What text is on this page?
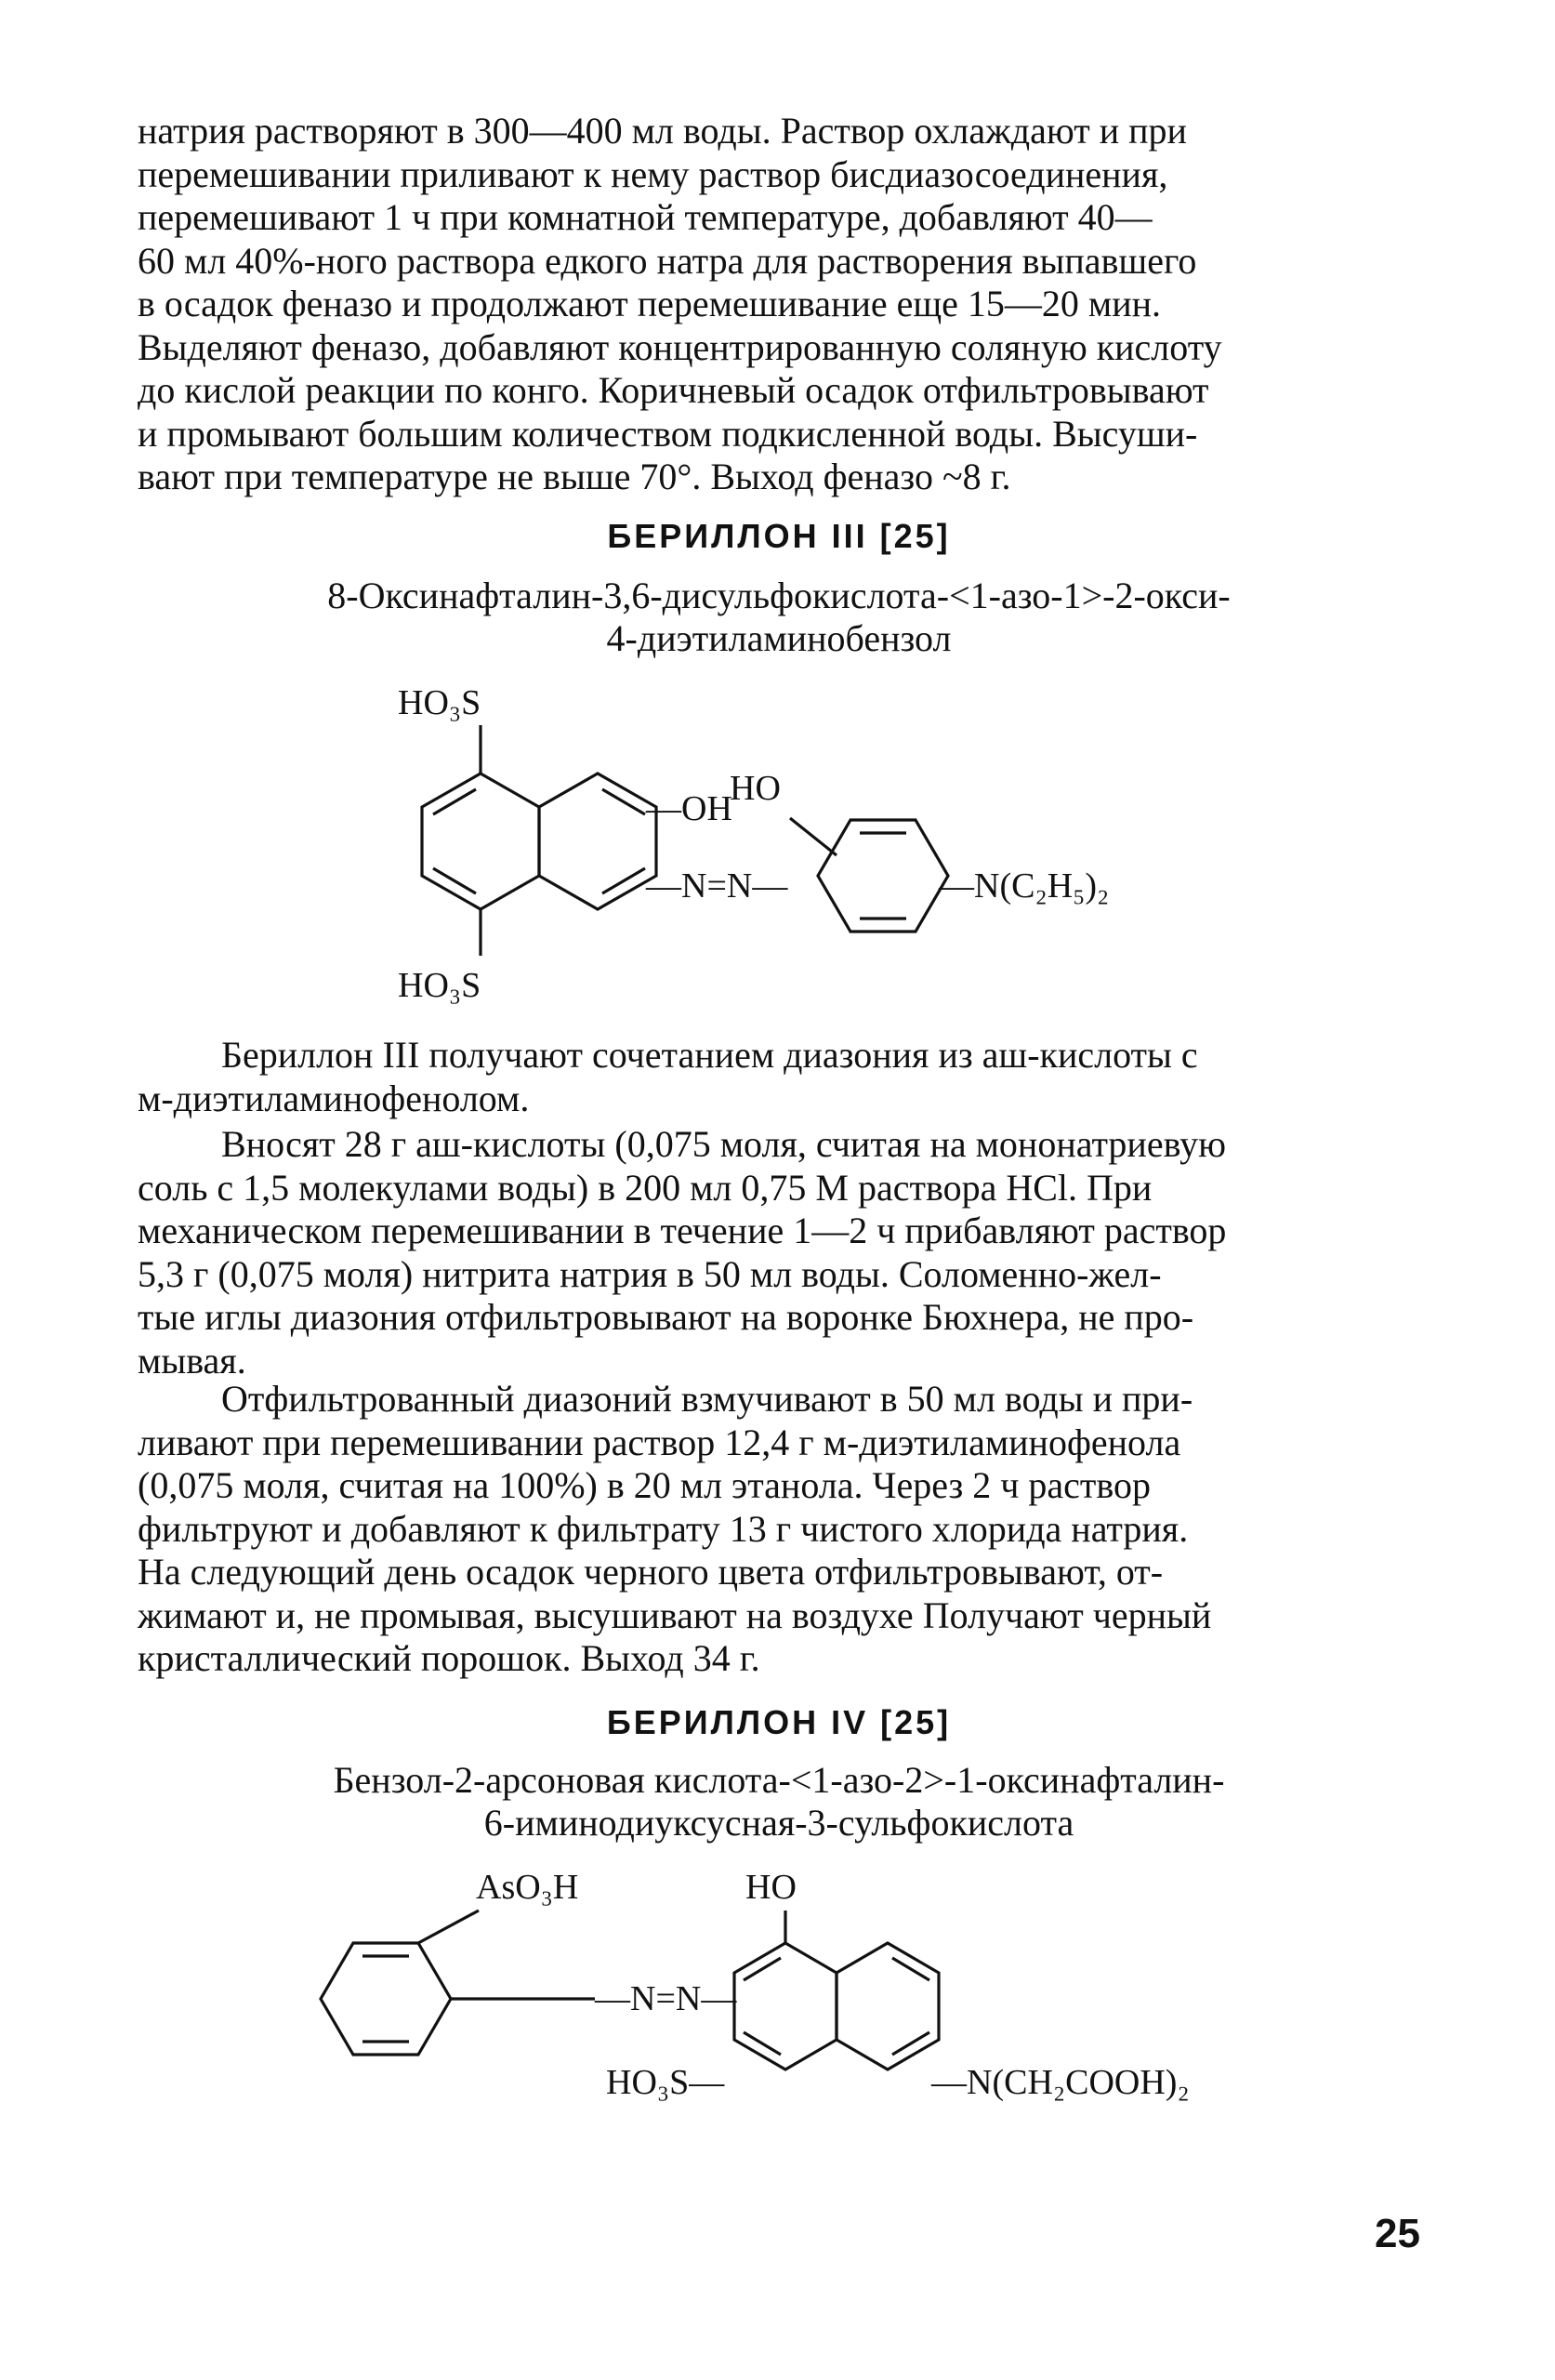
натрия растворяют в 300—400 мл воды. Раствор охлаждают и при
перемешивании приливают к нему раствор бисдиазосоединения,
перемешивают 1 ч при комнатной температуре, добавляют 40—
60 мл 40%-ного раствора едкого натра для растворения выпавшего
в осадок феназо и продолжают перемешивание еще 15—20 мин.
Выделяют феназо, добавляют концентрированную соляную кислоту
до кислой реакции по конго. Коричневый осадок отфильтровывают
и промывают большим количеством подкисленной воды. Высуши-
вают при температуре не выше 70°. Выход феназо ~8 г.
БЕРИЛЛОН III [25]
8-Оксинафталин-3,6-дисульфокислота-<1-азо-1>-2-окси-
4-диэтиламинобензол
HO₃S
HO₃S
—OH
HO
—N=N—	—N(C₂H₅)₂
Бериллон III получают сочетанием диазония из аш-кислоты с
м-диэтиламинофенолом.
Вносят 28 г аш-кислоты (0,075 моля, считая на мононатриевую
соль с 1,5 молекулами воды) в 200 мл 0,75 М раствора HCl. При
механическом перемешивании в течение 1—2 ч прибавляют раствор
5,3 г (0,075 моля) нитрита натрия в 50 мл воды. Соломенно-жел-
тые иглы диазония отфильтровывают на воронке Бюхнера, не про-
мывая.
Отфильтрованный диазоний взмучивают в 50 мл воды и при-
ливают при перемешивании раствор 12,4 г м-диэтиламинофенола
(0,075 моля, считая на 100%) в 20 мл этанола. Через 2 ч раствор
фильтруют и добавляют к фильтрату 13 г чистого хлорида натрия.
На следующий день осадок черного цвета отфильтровывают, от-
жимают и, не промывая, высушивают на воздухе Получают черный
кристаллический порошок. Выход 34 г.
БЕРИЛЛОН IV [25]
Бензол-2-арсоновая кислота-<1-азо-2>-1-оксинафталин-
6-иминодиуксусная-3-сульфокислота
AsO₃H	HO
—N=N—
HO₃S—	—N(CH₂COOH)₂
25
